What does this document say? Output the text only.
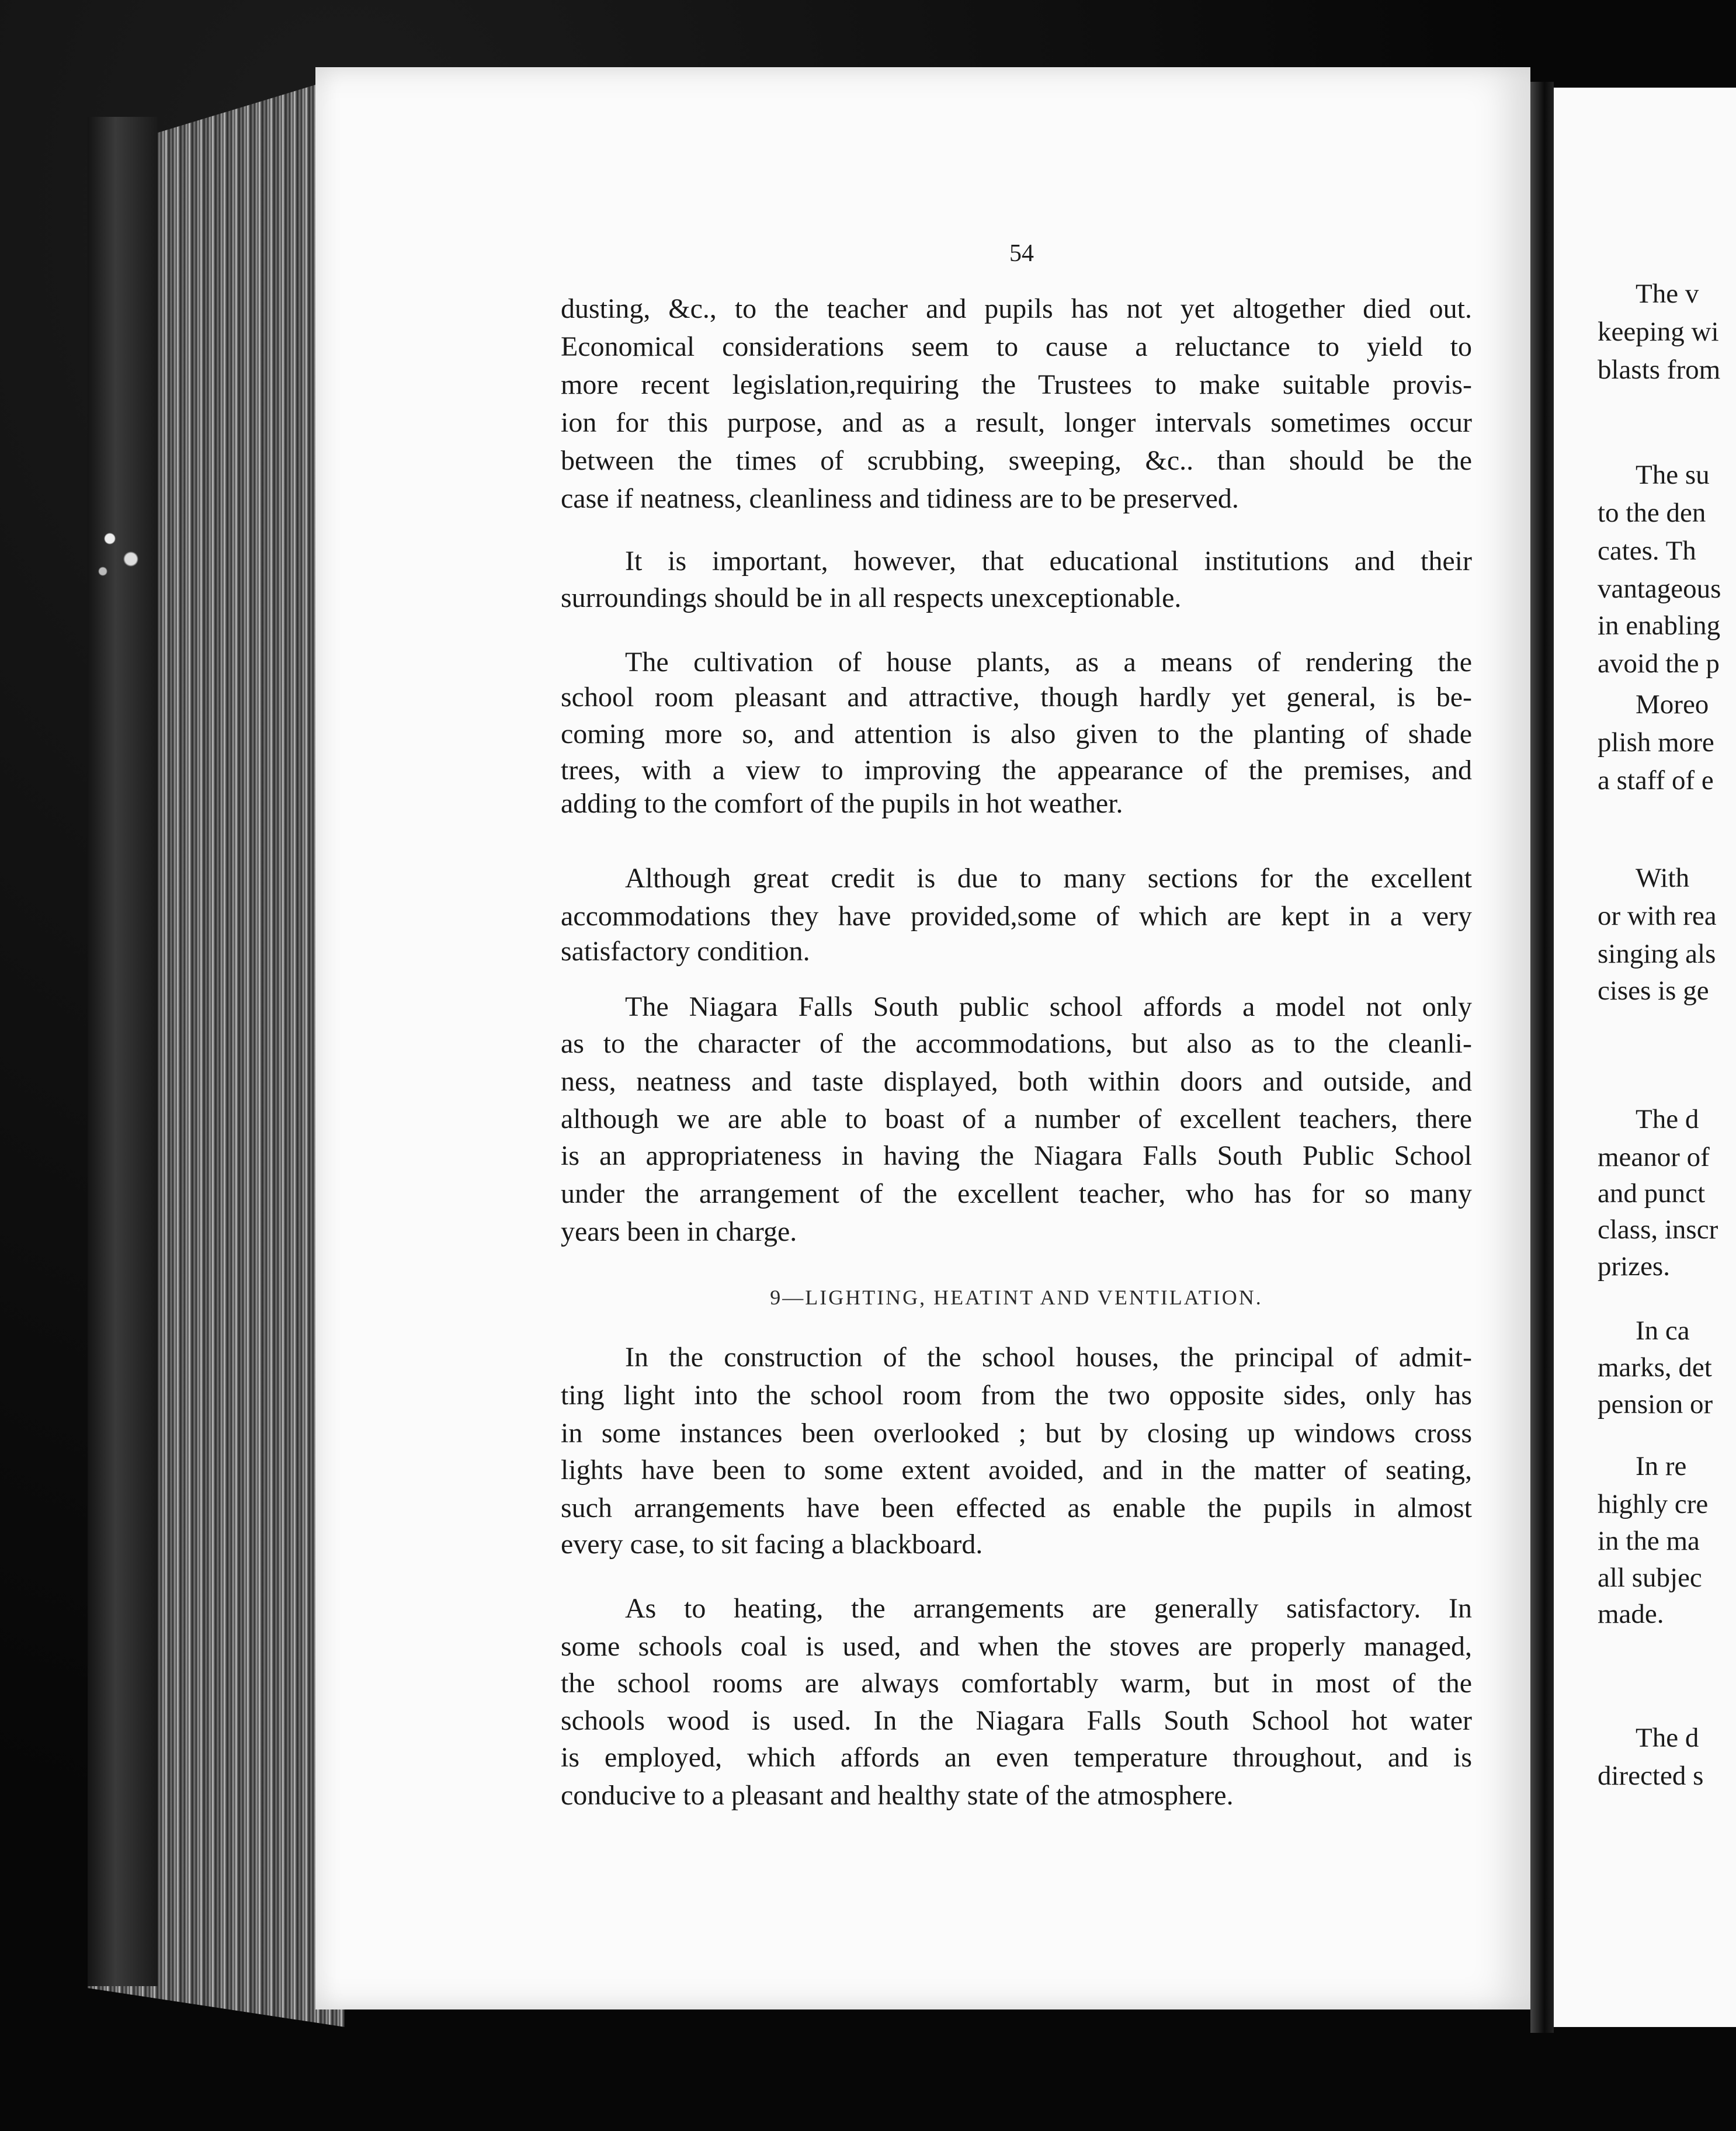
The v
keeping wi
blasts from
The su
to the den
cates. Th
vantageous
in enabling
avoid the p
Moreo
plish more
a staff of e
With
or with rea
singing als
cises is ge
The d
meanor of
and punct
class, inscr
prizes.
In ca
marks, det
pension or
In re
highly cre
in the ma
all subjec
made.
The d
directed s
54
dusting, &c., to the teacher and pupils has not yet altogether died out.
Economical considerations seem to cause a reluctance to yield to
more recent legislation,requiring the Trustees to make suitable provis-
ion for this purpose, and as a result, longer intervals sometimes occur
between the times of scrubbing, sweeping, &c.. than should be the
case if neatness, cleanliness and tidiness are to be preserved.
It is important, however, that educational institutions and their
surroundings should be in all respects unexceptionable.
The cultivation of house plants, as a means of rendering the
school room pleasant and attractive, though hardly yet general, is be-
coming more so, and attention is also given to the planting of shade
trees, with a view to improving the appearance of the premises, and
adding to the comfort of the pupils in hot weather.
Although great credit is due to many sections for the excellent
accommodations they have provided,some of which are kept in a very
satisfactory condition.
The Niagara Falls South public school affords a model not only
as to the character of the accommodations, but also as to the cleanli-
ness, neatness and taste displayed, both within doors and outside, and
although we are able to boast of a number of excellent teachers, there
is an appropriateness in having the Niagara Falls South Public School
under the arrangement of the excellent teacher, who has for so many
years been in charge.
9—LIGHTING, HEATINT AND VENTILATION.
In the construction of the school houses, the principal of admit-
ting light into the school room from the two opposite sides, only has
in some instances been overlooked ; but by closing up windows cross
lights have been to some extent avoided, and in the matter of seating,
such arrangements have been effected as enable the pupils in almost
every case, to sit facing a blackboard.
As to heating, the arrangements are generally satisfactory. In
some schools coal is used, and when the stoves are properly managed,
the school rooms are always comfortably warm, but in most of the
schools wood is used. In the Niagara Falls South School hot water
is employed, which affords an even temperature throughout, and is
conducive to a pleasant and healthy state of the atmosphere.
